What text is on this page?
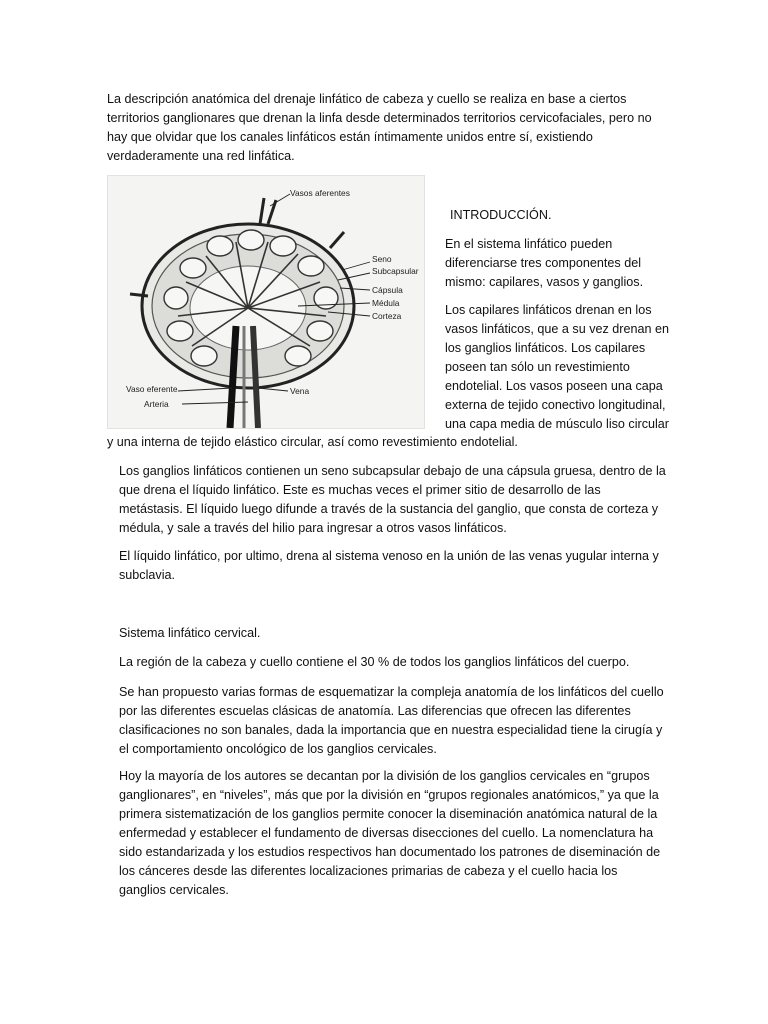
La descripción anatómica del drenaje linfático de cabeza y cuello se realiza en base a ciertos territorios ganglionares que drenan la linfa desde determinados territorios cervicofaciales, pero no hay que olvidar que los canales linfáticos están íntimamente unidos entre sí, existiendo verdaderamente una red linfática.

Vasos aferentes
Seno
Subcapsular
Cápsula
Médula
Corteza
Vaso eferente
Arteria
Vena

INTRODUCCIÓN.

En el sistema linfático pueden diferenciarse tres componentes del mismo: capilares, vasos y ganglios.

Los capilares linfáticos drenan en los vasos linfáticos, que a su vez drenan en los ganglios linfáticos. Los capilares poseen tan sólo un revestimiento endotelial. Los vasos poseen una capa externa de tejido conectivo longitudinal, una capa media de músculo liso circular

y una interna de tejido elástico circular, así como revestimiento endotelial.

Los ganglios linfáticos contienen un seno subcapsular debajo de una cápsula gruesa, dentro de la que drena el líquido linfático. Este es muchas veces el primer sitio de desarrollo de las metástasis. El líquido luego difunde a través de la sustancia del ganglio, que consta de corteza y médula, y sale a través del hilio para ingresar a otros vasos linfáticos.

El líquido linfático, por ultimo, drena al sistema venoso en la unión de las venas yugular interna y subclavia.

Sistema linfático cervical.

La región de la cabeza y cuello contiene el 30 % de todos los ganglios linfáticos del cuerpo.

Se han propuesto varias formas de esquematizar la compleja anatomía de los linfáticos del cuello por las diferentes escuelas clásicas de anatomía. Las diferencias que ofrecen las diferentes clasificaciones no son banales, dada la importancia que en nuestra especialidad tiene la cirugía y el comportamiento oncológico de los ganglios cervicales.

Hoy la mayoría de los autores se decantan por la división de los ganglios cervicales en “grupos ganglionares”, en “niveles”, más que por la división en “grupos regionales anatómicos,” ya que la primera sistematización de los ganglios permite conocer la diseminación anatómica natural de la enfermedad y establecer el fundamento de diversas disecciones del cuello. La nomenclatura ha sido estandarizada y los estudios respectivos han documentado los patrones de diseminación de los cánceres desde las diferentes localizaciones primarias de cabeza y el cuello hacia los ganglios cervicales.
